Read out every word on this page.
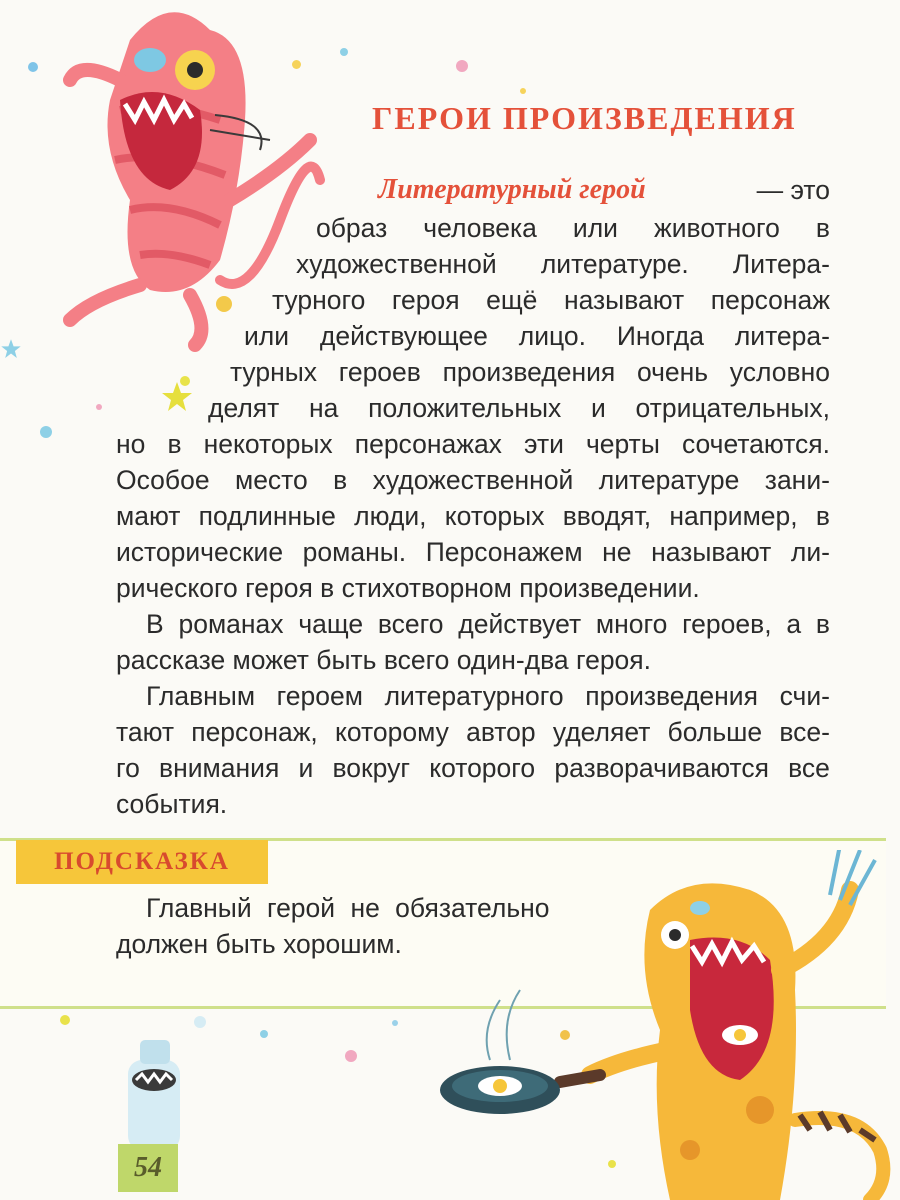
ГЕРОИ ПРОИЗВЕДЕНИЯ
Литературный герой	— это
образ человека или животного в
художественной литературе. Литера-
турного героя ещё называют персонаж
или действующее лицо. Иногда литера-
турных героев произведения очень условно
делят на положительных и отрицательных,
но в некоторых персонажах эти черты сочетаются.
Особое место в художественной литературе зани-
мают подлинные люди, которых вводят, например, в
исторические романы. Персонажем не называют ли-
рического героя в стихотворном произведении.
В романах чаще всего действует много героев, а в
рассказе может быть всего один-два героя.
Главным героем литературного произведения счи-
тают персонаж, которому автор уделяет больше все-
го внимания и вокруг которого разворачиваются все
события.
ПОДСКАЗКА
Главный герой не обязательно
должен быть хорошим.
54
